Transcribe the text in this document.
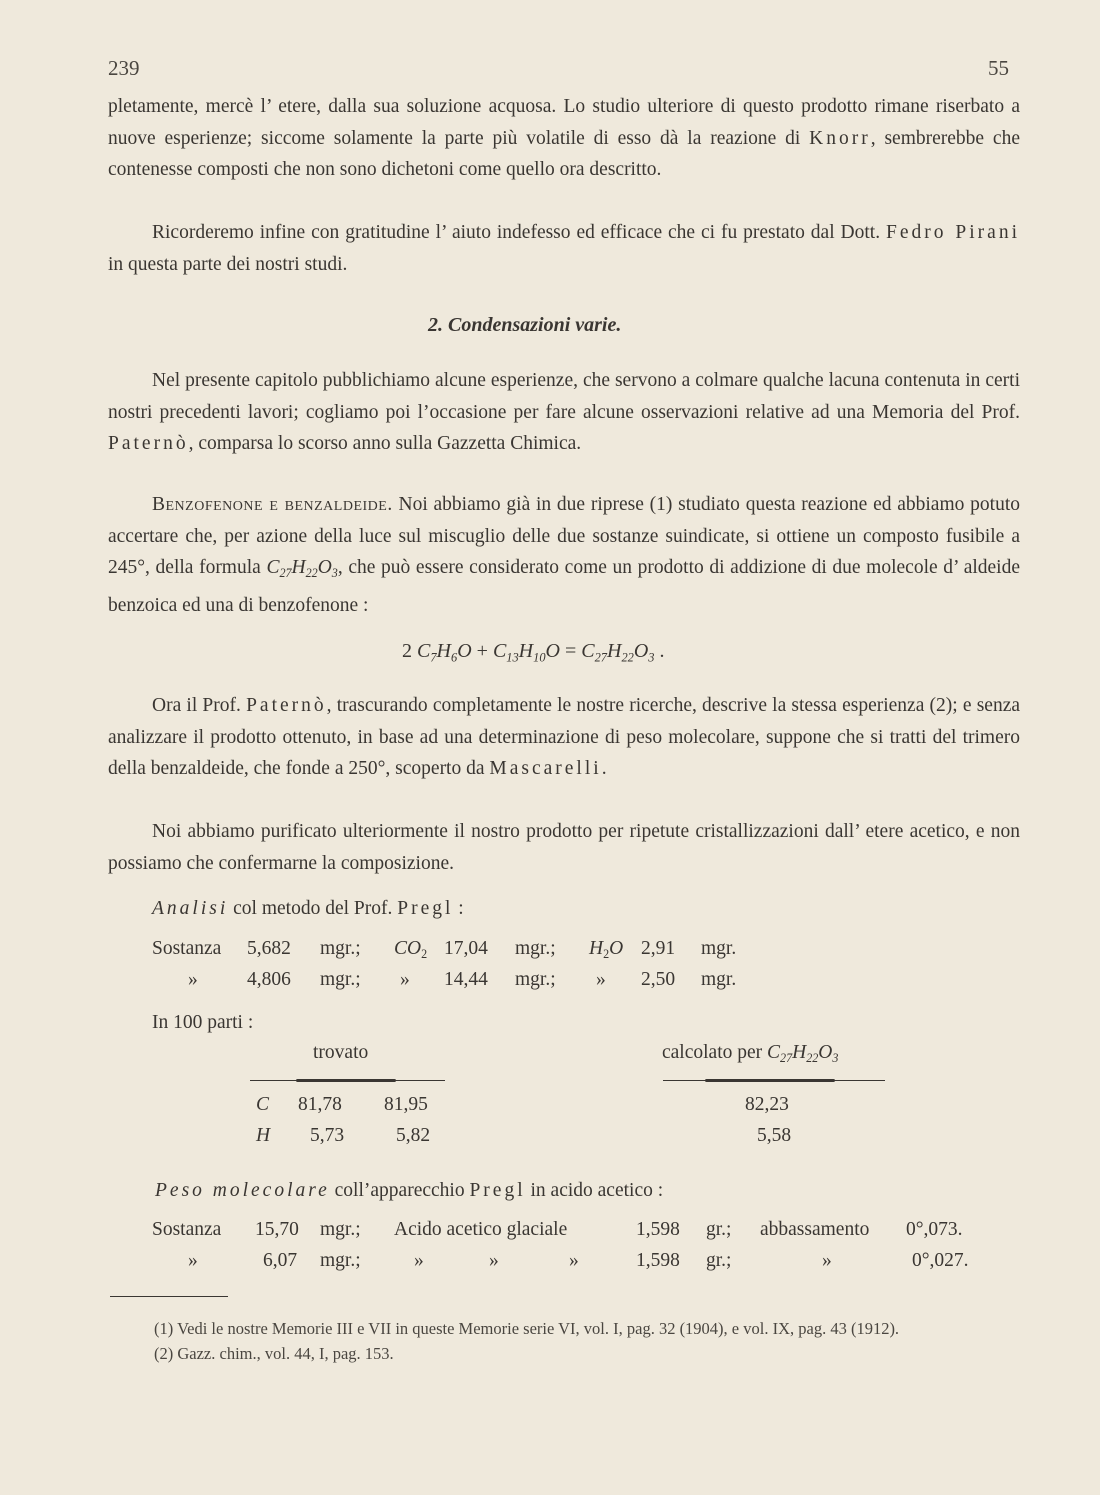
239	55

pletamente, mercè l’ etere, dalla sua soluzione acquosa. Lo studio ulteriore di questo prodotto rimane riserbato a nuove esperienze; siccome solamente la parte più volatile di esso dà la reazione di Knorr, sembrerebbe che contenesse composti che non sono dichetoni come quello ora descritto.

Ricorderemo infine con gratitudine l’ aiuto indefesso ed efficace che ci fu prestato dal Dott. Fedro Pirani in questa parte dei nostri studi.

2. Condensazioni varie.

Nel presente capitolo pubblichiamo alcune esperienze, che servono a colmare qualche lacuna contenuta in certi nostri precedenti lavori; cogliamo poi l’occasione per fare alcune osservazioni relative ad una Memoria del Prof. Paternò, comparsa lo scorso anno sulla Gazzetta Chimica.

Benzofenone e benzaldeide. Noi abbiamo già in due riprese (1) studiato questa reazione ed abbiamo potuto accertare che, per azione della luce sul miscuglio delle due sostanze suindicate, si ottiene un composto fusibile a 245°, della formula $C_{27}H_{22}O_3$, che può essere considerato come un prodotto di addizione di due molecole d’ aldeide benzoica ed una di benzofenone :

2 $C_7H_6O + C_{13}H_{10}O = C_{27}H_{22}O_3$ .

Ora il Prof. Paternò, trascurando completamente le nostre ricerche, descrive la stessa esperienza (2); e senza analizzare il prodotto ottenuto, in base ad una determinazione di peso molecolare, suppone che si tratti del trimero della benzaldeide, che fonde a 250°, scoperto da Mascarelli.

Noi abbiamo purificato ulteriormente il nostro prodotto per ripetute cristallizzazioni dall’ etere acetico, e non possiamo che confermarne la composizione.

Analisi col metodo del Prof. Pregl :
Sostanza 5,682 mgr.; $CO_2$ 17,04 mgr.; $H_2O$ 2,91 mgr.
»	4,806 mgr.; » 14,44 mgr.; » 2,50 mgr.
In 100 parti :
trovato	calcolato per $C_{27}H_{22}O_3$
C 81,78 81,95	82,23
H 5,73	5,82	5,58
Peso molecolare coll’apparecchio Pregl in acido acetico :
Sostanza 15,70 mgr.; Acido acetico glaciale	1,598 gr.; abbassamento 0°,073.
»	6,07 mgr.;	»	»	»	1,598 gr.;	»	0°,027.

(1) Vedi le nostre Memorie III e VII in queste Memorie serie VI, vol. I, pag. 32 (1904), e vol. IX, pag. 43 (1912).

(2) Gazz. chim., vol. 44, I, pag. 153.
